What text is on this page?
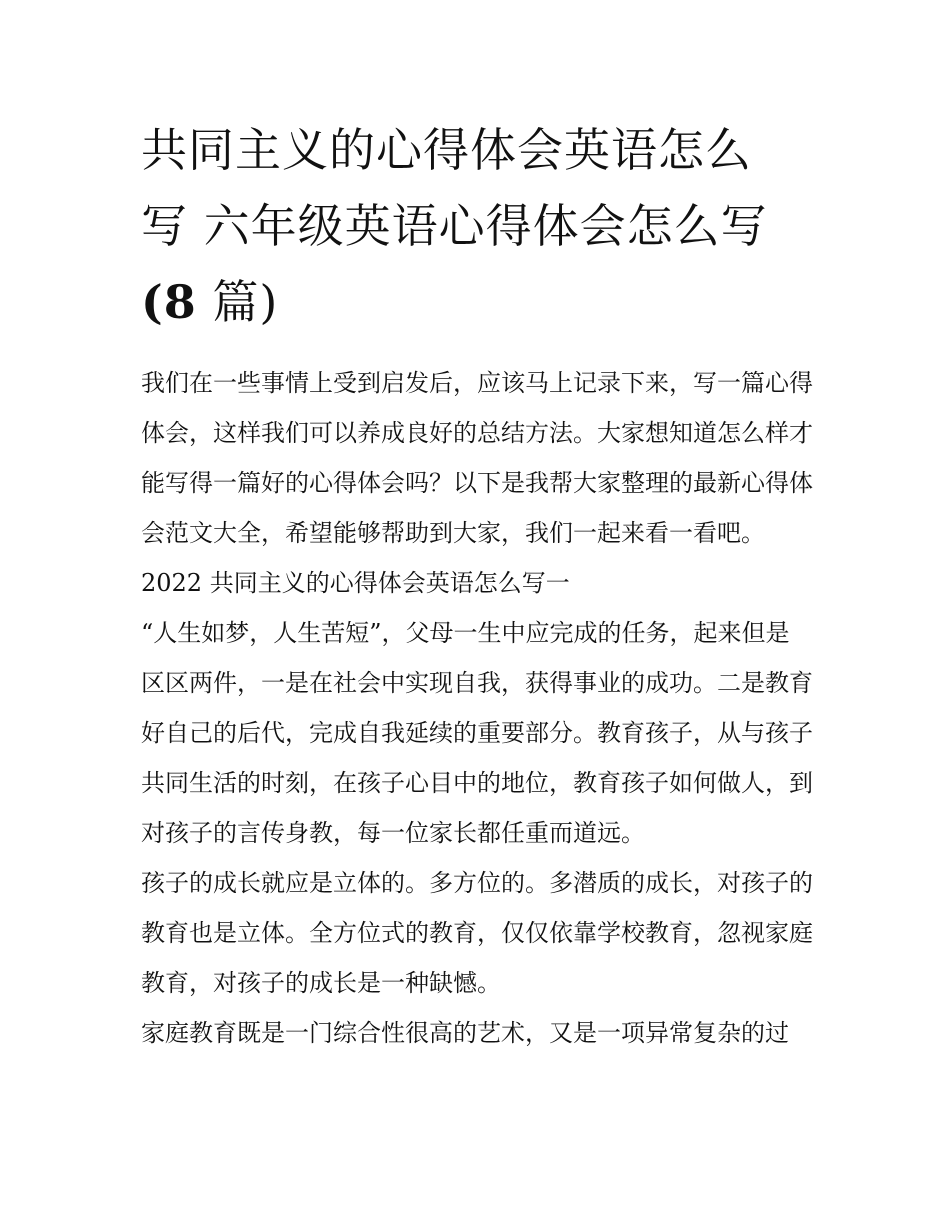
共同主义的心得体会英语怎么
写 六年级英语心得体会怎么写
(8 篇)

我们在一些事情上受到启发后，应该马上记录下来，写一篇心得体会，这样我们可以养成良好的总结方法。大家想知道怎么样才能写得一篇好的心得体会吗？以下是我帮大家整理的最新心得体会范文大全，希望能够帮助到大家，我们一起来看一看吧。

2022 共同主义的心得体会英语怎么写一

“人生如梦，人生苦短”，父母一生中应完成的任务，起来但是区区两件，一是在社会中实现自我，获得事业的成功。二是教育好自己的后代，完成自我延续的重要部分。教育孩子，从与孩子共同生活的时刻，在孩子心目中的地位，教育孩子如何做人，到对孩子的言传身教，每一位家长都任重而道远。

孩子的成长就应是立体的。多方位的。多潜质的成长，对孩子的教育也是立体。全方位式的教育，仅仅依靠学校教育，忽视家庭教育，对孩子的成长是一种缺憾。

家庭教育既是一门综合性很高的艺术，又是一项异常复杂的过
